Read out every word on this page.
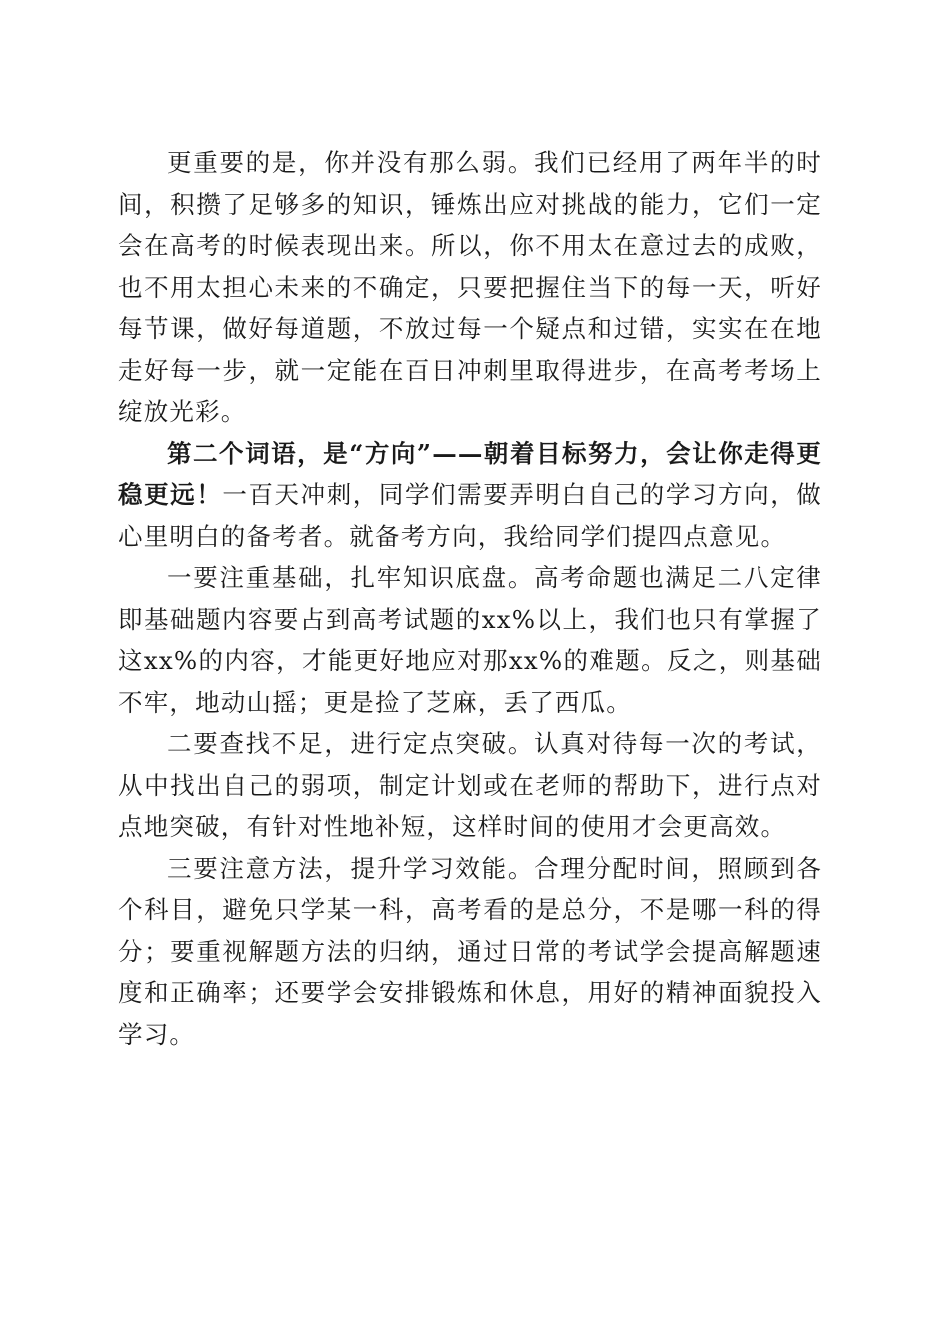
更重要的是，你并没有那么弱。我们已经用了两年半的时间，积攒了足够多的知识，锤炼出应对挑战的能力，它们一定会在高考的时候表现出来。所以，你不用太在意过去的成败，也不用太担心未来的不确定，只要把握住当下的每一天，听好每节课，做好每道题，不放过每一个疑点和过错，实实在在地走好每一步，就一定能在百日冲刺里取得进步，在高考考场上绽放光彩。

第二个词语，是“方向”——朝着目标努力，会让你走得更稳更远！一百天冲刺，同学们需要弄明白自己的学习方向，做心里明白的备考者。就备考方向，我给同学们提四点意见。

一要注重基础，扎牢知识底盘。高考命题也满足二八定律即基础题内容要占到高考试题的xx%以上，我们也只有掌握了这xx%的内容，才能更好地应对那xx%的难题。反之，则基础不牢，地动山摇；更是捡了芝麻，丢了西瓜。

二要查找不足，进行定点突破。认真对待每一次的考试，从中找出自己的弱项，制定计划或在老师的帮助下，进行点对点地突破，有针对性地补短，这样时间的使用才会更高效。

三要注意方法，提升学习效能。合理分配时间，照顾到各个科目，避免只学某一科，高考看的是总分，不是哪一科的得分；要重视解题方法的归纳，通过日常的考试学会提高解题速度和正确率；还要学会安排锻炼和休息，用好的精神面貌投入学习。
